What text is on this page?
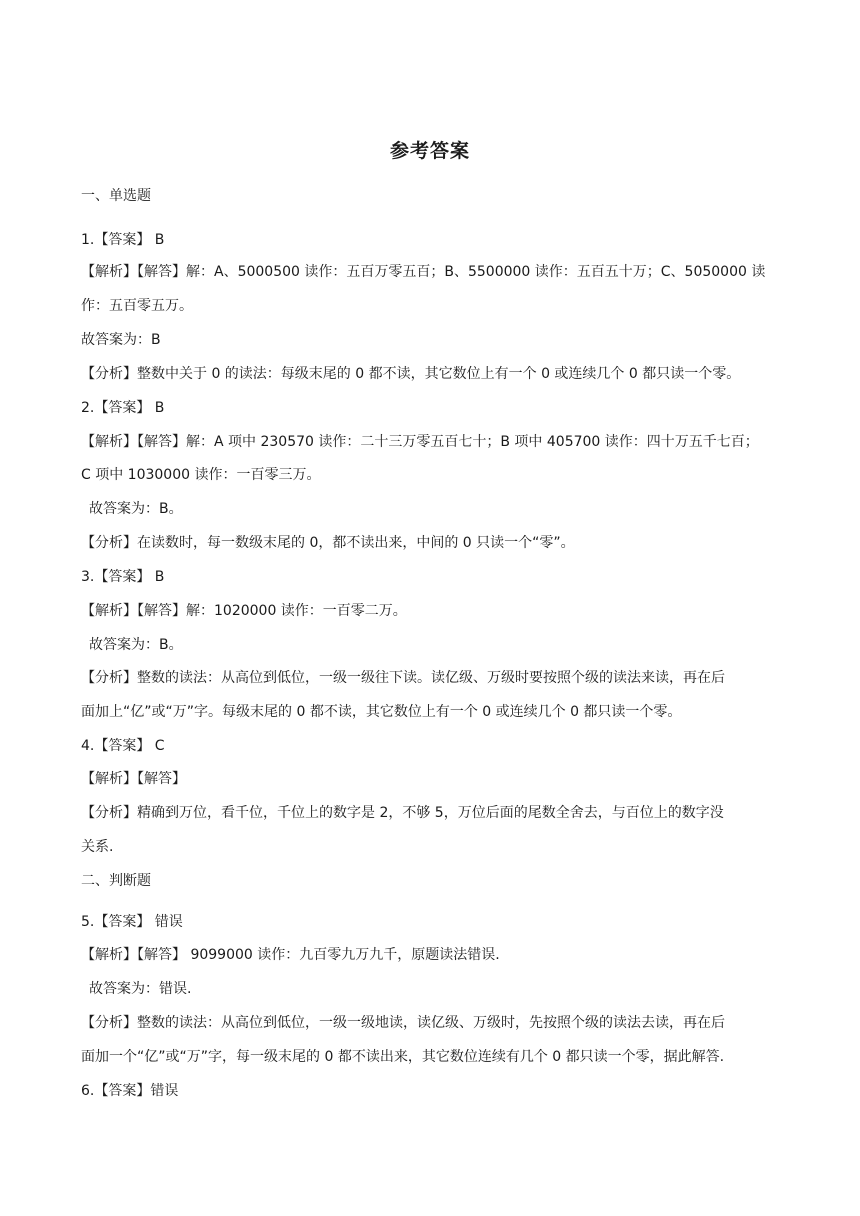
参考答案
一、单选题
1.【答案】 B
【解析】【解答】解：A、5000500 读作：五百万零五百；B、5500000 读作：五百五十万；C、5050000 读
作：五百零五万。
故答案为：B
【分析】整数中关于 0 的读法：每级末尾的 0 都不读，其它数位上有一个 0 或连续几个 0 都只读一个零。
2.【答案】 B
【解析】【解答】解：A 项中 230570 读作：二十三万零五百七十；B 项中 405700 读作：四十万五千七百；
C 项中 1030000 读作：一百零三万。
故答案为：B。
【分析】在读数时，每一数级末尾的 0，都不读出来，中间的 0 只读一个“零”。
3.【答案】 B
【解析】【解答】解：1020000 读作：一百零二万。
故答案为：B。
【分析】整数的读法：从高位到低位，一级一级往下读。读亿级、万级时要按照个级的读法来读，再在后
面加上“亿”或“万”字。每级末尾的 0 都不读，其它数位上有一个 0 或连续几个 0 都只读一个零。
4.【答案】 C
【解析】【解答】
【分析】精确到万位，看千位，千位上的数字是 2，不够 5，万位后面的尾数全舍去，与百位上的数字没
关系.
二、判断题
5.【答案】 错误
【解析】【解答】 9099000 读作：九百零九万九千，原题读法错误.
故答案为：错误.
【分析】整数的读法：从高位到低位，一级一级地读，读亿级、万级时，先按照个级的读法去读，再在后
面加一个“亿”或“万”字，每一级末尾的 0 都不读出来，其它数位连续有几个 0 都只读一个零，据此解答.
6.【答案】错误
